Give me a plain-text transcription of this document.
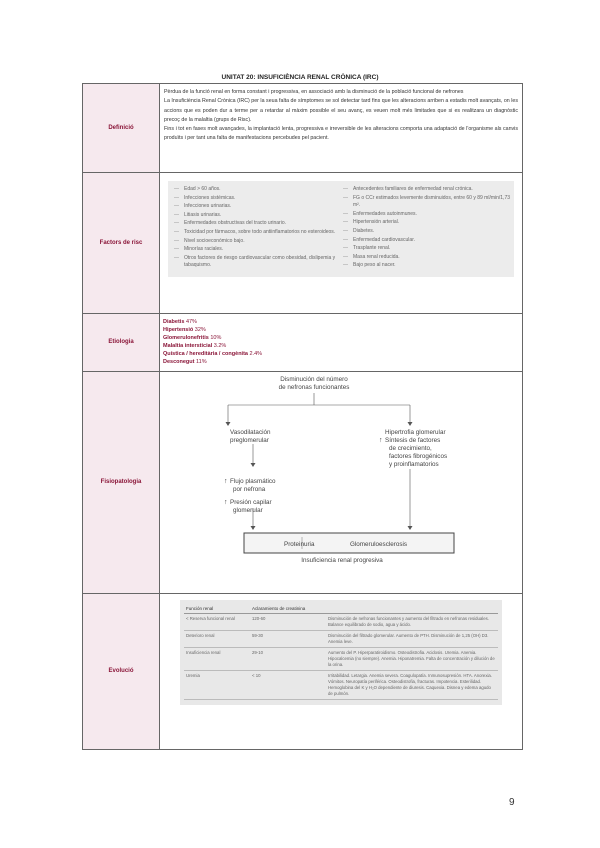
UNITAT 20: INSUFICIÈNCIA RENAL CRÒNICA (IRC)
Definició	

Pèrdua de la funció renal en forma constant i progressiva, en associació amb la disminució de la població funcional de nefrones

La Insuficiència Renal Crònica (IRC) per la seua falta de símptomes se sol detectar tard fins que les alteracions arriben a estadis molt avançats, on les accions que es poden dur a terme per a retardar al màxim possible el seu avanç, es veuen molt més limitades que si es realitzara un diagnòstic precoç de la malaltia (grups de Risc).

Fins i tot en fases molt avançades, la implantació lenta, progressiva e irreversible de les alteracions comporta una adaptació de l'organisme als canvis produïts i per tant una falta de manifestacions percebudes pel pacient.

Factors de risc	
— Edad > 60 años.
— Infecciones sistémicas.
— Infecciones urinarias.
— Litiasis urinarias.
— Enfermedades obstructivas del tracto urinario.
— Toxicidad por fármacos, sobre todo antiinflamatorios no esteroideos.
— Nivel socioeconómico bajo.
— Minorías raciales.
— Otros factores de riesgo cardiovascular como obesidad, dislipemia y tabaquismo.
— Antecedentes familiares de enfermedad renal crónica.
— FG o CCr estimados levemente disminuidos, entre 60 y 89 ml/min/1,73 m².
— Enfermedades autoinmunes.
— Hipertensión arterial.
— Diabetes.
— Enfermedad cardiovascular.
— Trasplante renal.
— Masa renal reducida.
— Bajo peso al nacer.

Etiologia	
Diabetis 47%
Hipertensió 32%
Glomerulonefritis 10%
Malaltia intersticial 3.2%
Quística / hereditària / congènita 2.4%
Desconegut 11%

Fisiopatologia	
Disminución del número
de nefronas funcionantes
Vasodilatación
preglomerular
Hipertrofia glomerular
Síntesis de factores
de crecimiento,
factores fibrogénicos
y proinflamatorios
Flujo plasmático
por nefrona
Presión capilar
glomerular
↑
↑
↑
Proteinuria	Glomeruloesclerosis
Insuficiencia renal progresiva

Evolució	
Función renal	Aclaramiento de creatinina	
< Reserva funcional renal	120-60	Disminución de nefronas funcionantes y aumento del filtrado en nefronas residuales. Balance equilibrado de sodio, agua y ácido.
Deterioro renal	59-30	Disminución del filtrado glomerular. Aumento de PTH. Disminución de 1,25 (OH) D3. Anemia leve.
Insuficiencia renal	29-10	Aumento del P. Hiperparatiroidismo. Osteodistrofia. Acidosis. Uremia. Anemia. Hipocalcemia (no siempre). Anemia. Hiponatremia. Falta de concentración y dilución de la orina.
Uremia	< 10	Irritabilidad. Letargia. Anemia severa. Coagulopatía. Inmunosupresión. HTA. Anorexia. Vómitos. Neuropatía periférica. Osteodistrofia, fracturas. Impotencia. Esterilidad. Hemoglobina del K y H₂O dependiente de diuresis. Caquexia. Disnea y edema agudo de pulmón.
9
